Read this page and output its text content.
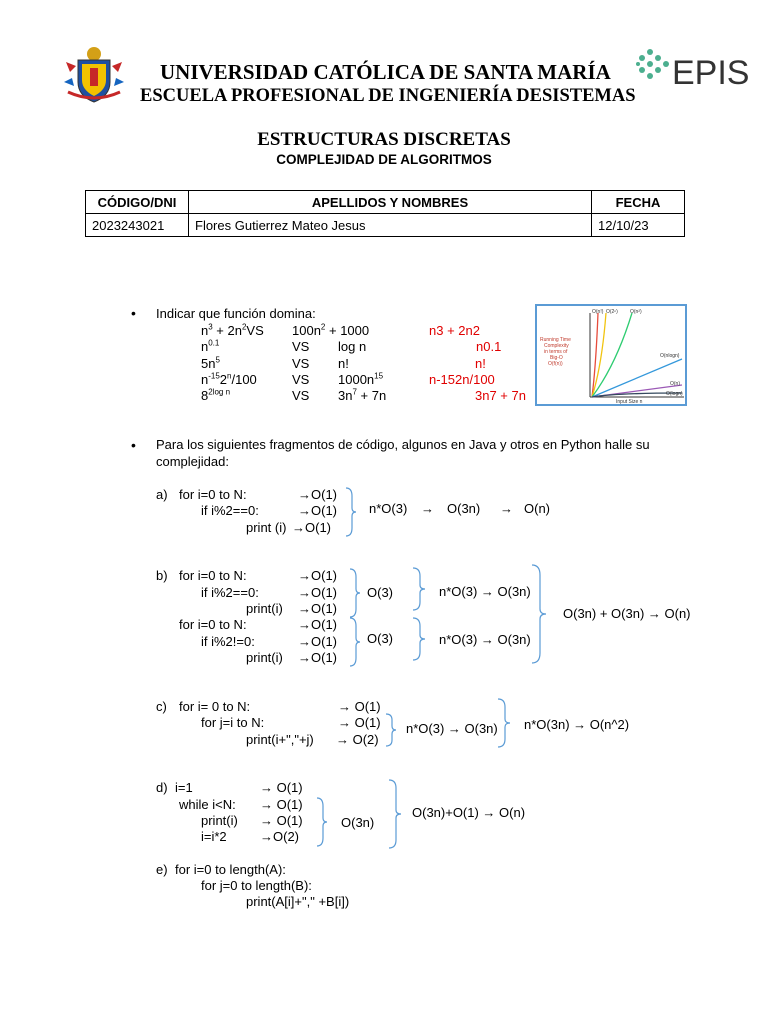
EPIS
UNIVERSIDAD CATÓLICA DE SANTA MARÍA
ESCUELA PROFESIONAL DE INGENIERÍA DESISTEMAS
ESTRUCTURAS DISCRETAS
COMPLEJIDAD DE ALGORITMOS
CÓDIGO/DNI	APELLIDOS Y NOMBRES	FECHA
2023243021	Flores Gutierrez Mateo Jesus	12/10/23
• Indicar que función domina:
$n^3 + 2n^2VS$ $100n^2 + 1000$	n3 + 2n2
$n^{0.1}$	VS log n	n0.1
$5n^5$	VS n!	n!
$n^{-15}2^n/100$	VS $1000n^{15}$	n-152n/100
$8^{2log n}$	VS $3n^7 + 7n$	3n7 + 7n
O(n!) O(2ⁿ) O(n²)
Running Time
Complexity
in terms of
Big-O
O(f(n))
O(nlogn)
O(n)
O(logn)
Input Size n
• Para los siguientes fragmentos de código, algunos en Java y otros en Python halle su
complejidad:
a) for i=0 to N:	→O(1)
if i%2==0:	→O(1)
print (i) →O(1)
n*O(3) → O(3n) → O(n)
b) for i=0 to N:	→O(1)
if i%2==0:	→O(1)
print(i) →O(1)
for i=0 to N:	→O(1)
if i%2!=0:	→O(1)
print(i) →O(1)
O(3)
O(3)
n*O(3) → O(3n)
n*O(3) → O(3n)
O(3n) + O(3n) → O(n)
c) for i= 0 to N:	→ O(1)
for j=i to N:	→ O(1)
print(i+","+j) → O(2)
n*O(3) → O(3n) n*O(3n) → O(n^2)
d) i=1	→ O(1)
while i<N: → O(1)
print(i) → O(1)
i=i*2	→O(2)
O(3n)
O(3n)+O(1) → O(n)
e) for i=0 to length(A):
for j=0 to length(B):
print(A[i]+"," +B[i])
